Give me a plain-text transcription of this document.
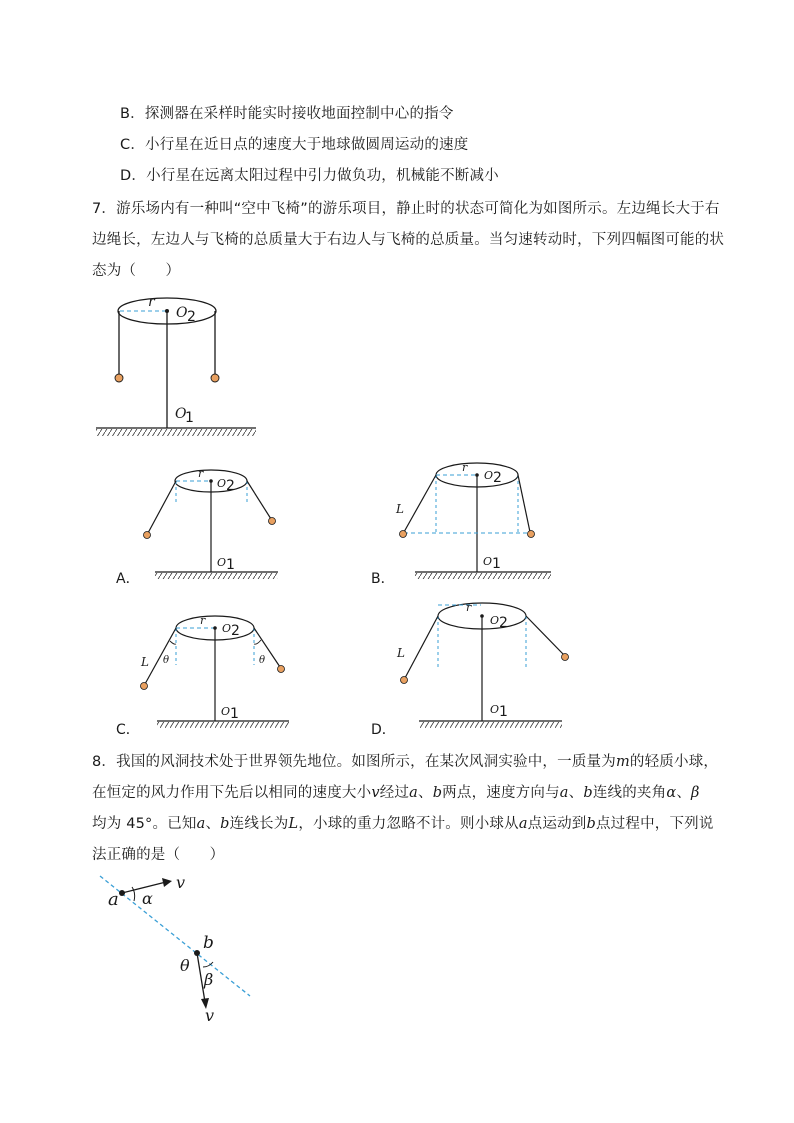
B．探测器在采样时能实时接收地面控制中心的指令
C．小行星在近日点的速度大于地球做圆周运动的速度
D．小行星在远离太阳过程中引力做负功，机械能不断减小
7．游乐场内有一种叫“空中飞椅”的游乐项目，静止时的状态可简化为如图所示。左边绳长大于右
边绳长，左边人与飞椅的总质量大于右边人与飞椅的总质量。当匀速转动时，下列四幅图可能的状
态为（　　）
r
O 2
O
1
r
O 2
O 1
r
O 2
L
O 1
r
O 2
L θ	θ
O 1
r
O 2
L
O 1
a
v
α
b
θ
β
v
A．	B．
C．	D．
8．我国的风洞技术处于世界领先地位。如图所示，在某次风洞实验中，一质量为m的轻质小球，
在恒定的风力作用下先后以相同的速度大小v经过a、b两点，速度方向与a、b连线的夹角α、β
均为 45°。已知a、b连线长为L，小球的重力忽略不计。则小球从a点运动到b点过程中，下列说
法正确的是（　　）
